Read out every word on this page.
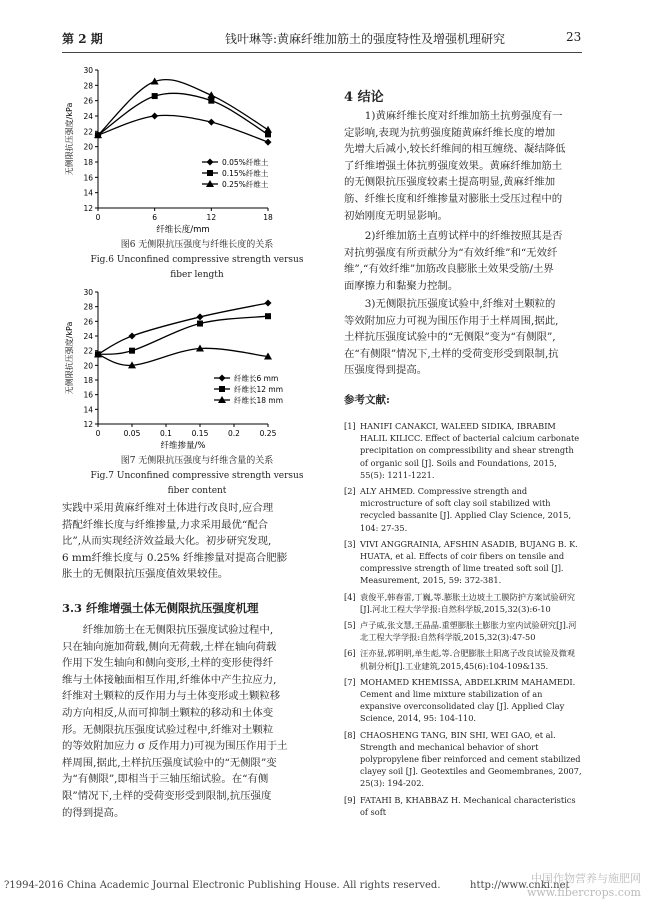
第 2 期	钱叶琳等:黄麻纤维加筋土的强度特性及增强机理研究	23
12
14
16
18
20
22
24
26
28
30
0	6	12	18
纤维长度/mm
无侧限抗压强度/kPa	0.05%纤维土
0.15%纤维土
0.25%纤维土
图6 无侧限抗压强度与纤维长度的关系
Fig.6 Unconfined compressive strength versus
fiber length
12
14
16
18
20
22
24
26
28
30
0	0.05	0.1	0.15	0.2	0.25
纤维掺量/%
无侧限抗压强度/kPa	纤维长6 mm
纤维长12 mm
纤维长18 mm
图7 无侧限抗压强度与纤维含量的关系
Fig.7 Unconfined compressive strength versus
fiber content

实践中采用黄麻纤维对土体进行改良时,应合理

搭配纤维长度与纤维掺量,力求采用最优“配合

比”,从而实现经济效益最大化。初步研究发现,

6 mm纤维长度与 0.25% 纤维掺量对提高合肥膨

胀土的无侧限抗压强度值效果较佳。

3.3 纤维增强土体无侧限抗压强度机理

纤维加筋土在无侧限抗压强度试验过程中,

只在轴向施加荷载,侧向无荷载,土样在轴向荷载

作用下发生轴向和侧向变形,土样的变形使得纤

维与土体接触面相互作用,纤维体中产生拉应力,

纤维对土颗粒的反作用力与土体变形或土颗粒移

动方向相反,从而可抑制土颗粒的移动和土体变

形。无侧限抗压强度试验过程中,纤维对土颗粒

的等效附加应力 σ 反作用力)可视为围压作用于土

样周围,据此,土样抗压强度试验中的“无侧限”变

为“有侧限”,即相当于三轴压缩试验。在“有侧

限”情况下,土样的受荷变形受到限制,抗压强度

的得到提高。

4 结论

1)黄麻纤维长度对纤维加筋土抗剪强度有一

定影响,表现为抗剪强度随黄麻纤维长度的增加

先增大后减小,较长纤维间的相互缠绕、凝结降低

了纤维增强土体抗剪强度效果。黄麻纤维加筋土

的无侧限抗压强度较素土提高明显,黄麻纤维加

筋、纤维长度和纤维掺量对膨胀土受压过程中的

初始刚度无明显影响。

2)纤维加筋土直剪试样中的纤维按照其是否

对抗剪强度有所贡献分为“有效纤维”和“无效纤

维”,“有效纤维”加筋改良膨胀土效果受筋/土界

面摩擦力和黏聚力控制。

3)无侧限抗压强度试验中,纤维对土颗粒的

等效附加应力可视为围压作用于土样周围,据此,

土样抗压强度试验中的“无侧限”变为“有侧限”,

在“有侧限”情况下,土样的受荷变形受到限制,抗

压强度得到提高。

参考文献:
[1] HANIFI CANAKCI, WALEED SIDIKA, IBRABIM HALIL KILICC. Effect of bacterial calcium carbonate precipitation on compressibility and shear strength of organic soil [J]. Soils and Foundations, 2015, 55(5): 1211-1221.
[2] ALY AHMED. Compressive strength and microstructure of soft clay soil stabilized with recycled bassanite [J]. Applied Clay Science, 2015, 104: 27-35.
[3] VIVI ANGGRAINIA, AFSHIN ASADIB, BUJANG B. K. HUATA, et al. Effects of coir fibers on tensile and compressive strength of lime treated soft soil [J]. Measurement, 2015, 59: 372-381.
[4] 袁俊平,韩春雷,丁巍,等.膨胀土边坡土工膜防护方案试验研究[J].河北工程大学学报:自然科学版,2015,32(3):6-10
[5] 卢子威,张文慧,王晶晶.重塑膨胀土膨胀力室内试验研究[J].河北工程大学学报:自然科学版,2015,32(3):47-50
[6] 汪亦显,郭明明,单生彪,等.合肥膨胀土阳离子改良试验及微观机制分析[J].工业建筑,2015,45(6):104-109&135.
[7] MOHAMED KHEMISSA, ABDELKRIM MAHAMEDI. Cement and lime mixture stabilization of an expansive overconsolidated clay [J]. Applied Clay Science, 2014, 95: 104-110.
[8] CHAOSHENG TANG, BIN SHI, WEI GAO, et al. Strength and mechanical behavior of short polypropylene fiber reinforced and cement stabilized clayey soil [J]. Geotextiles and Geomembranes, 2007, 25(3): 194-202.
[9] FATAHI B, KHABBAZ H. Mechanical characteristics of soft
?1994-2016 China Academic Journal Electronic Publishing House. All rights reserved.	http://www.cnki.net
中国作物营养与施肥网
www.fibercrops.com
